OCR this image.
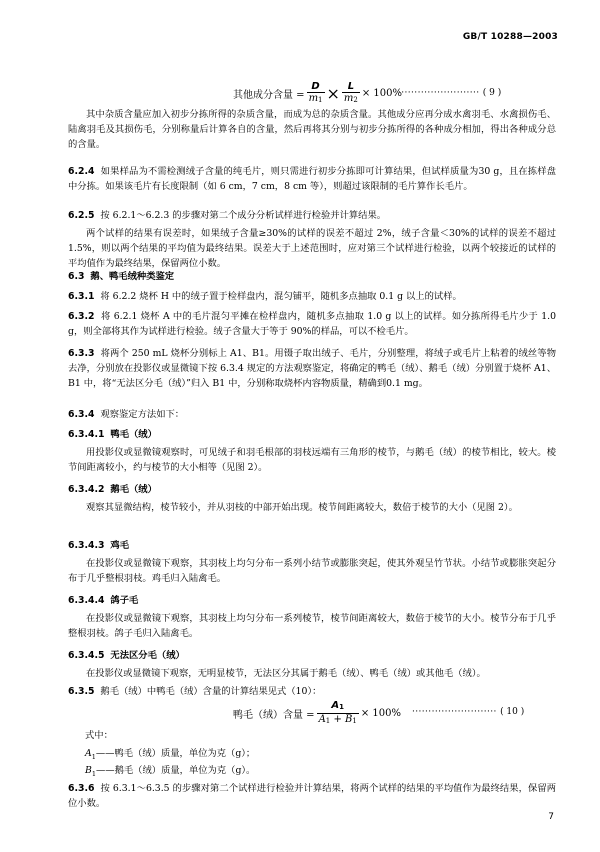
GB/T 10288—2003
其他成分含量 = $\frac{D}{m_1} \times \frac{L}{m_2} \times 100\%$
························· ( 9 )
其中杂质含量应加入初步分拣所得的杂质含量，而成为总的杂质含量。其他成分应再分成水禽羽毛、水禽损伤毛、陆禽羽毛及其损伤毛，分别称量后计算各自的含量，然后再将其分别与初步分拣所得的各种成分相加，得出各种成分总的含量。
6.2.4 如果样品为不需检测绒子含量的纯毛片，则只需进行初步分拣即可计算结果，但试样质量为30 g，且在拣样盘中分拣。如果该毛片有长度限制（如 6 cm，7 cm，8 cm 等），则超过该限制的毛片算作长毛片。
6.2.5 按 6.2.1～6.2.3 的步骤对第二个成分分析试样进行检验并计算结果。
两个试样的结果有误差时，如果绒子含量≥30%的试样的误差不超过 2%，绒子含量＜30%的试样的误差不超过 1.5%，则以两个结果的平均值为最终结果。误差大于上述范围时，应对第三个试样进行检验，以两个较接近的试样的平均值作为最终结果，保留两位小数。
6.3 鹅、鸭毛绒种类鉴定
6.3.1 将 6.2.2 烧杯 H 中的绒子置于检样盘内，混匀铺平，随机多点抽取 0.1 g 以上的试样。
6.3.2 将 6.2.1 烧杯 A 中的毛片混匀平摊在检样盘内，随机多点抽取 1.0 g 以上的试样。如分拣所得毛片少于 1.0 g，则全部将其作为试样进行检验。绒子含量大于等于 90%的样品，可以不检毛片。
6.3.3 将两个 250 mL 烧杯分别标上 A1、B1。用镊子取出绒子、毛片，分别整理，将绒子或毛片上粘着的绒丝等物去净，分别放在投影仪或显微镜下按 6.3.4 规定的方法观察鉴定，将确定的鸭毛（绒）、鹅毛（绒）分别置于烧杯 A1、B1 中，将“无法区分毛（绒）”归入 B1 中，分别称取烧杯内容物质量，精确到0.1 mg。
6.3.4 观察鉴定方法如下：
6.3.4.1 鸭毛（绒）
用投影仪或显微镜观察时，可见绒子和羽毛根部的羽枝远端有三角形的棱节，与鹅毛（绒）的棱节相比，较大。棱节间距离较小，约与棱节的大小相等（见图 2）。
6.3.4.2 鹅毛（绒）
观察其显微结构，棱节较小，并从羽枝的中部开始出现。棱节间距离较大，数倍于棱节的大小（见图 2）。
6.3.4.3 鸡毛
在投影仪或显微镜下观察，其羽枝上均匀分布一系列小结节或膨胀突起，使其外观呈竹节状。小结节或膨胀突起分布于几乎整根羽枝。鸡毛归入陆禽毛。
6.3.4.4 鸽子毛
在投影仪或显微镜下观察，其羽枝上均匀分布一系列棱节，棱节间距离较大，数倍于棱节的大小。棱节分布于几乎整根羽枝。鸽子毛归入陆禽毛。
6.3.4.5 无法区分毛（绒）
在投影仪或显微镜下观察，无明显棱节，无法区分其属于鹅毛（绒）、鸭毛（绒）或其他毛（绒）。
6.3.5 鹅毛（绒）中鸭毛（绒）含量的计算结果见式（10）：
鸭毛（绒）含量 = $\frac{A_1}{A_1 + B_1} \times 100\%$ ·························· ( 10 )
式中：
$A_1——$鸭毛（绒）质量，单位为克（g）；
$B_1——$鹅毛（绒）质量，单位为克（g）。
6.3.6 按 6.3.1～6.3.5 的步骤对第二个试样进行检验并计算结果，将两个试样的结果的平均值作为最终结果，保留两位小数。
7
